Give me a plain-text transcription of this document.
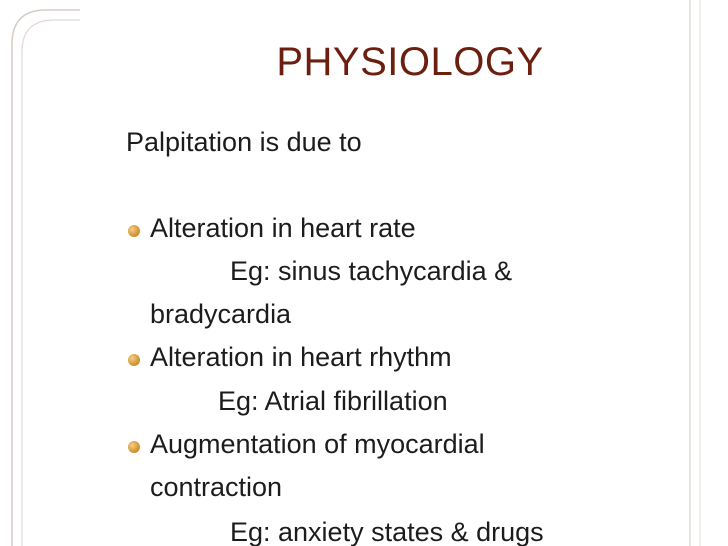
PHYSIOLOGY
Palpitation is due to
Alteration in heart rate
Eg: sinus tachycardia &
bradycardia
Alteration in heart rhythm
Eg: Atrial fibrillation
Augmentation of myocardial
contraction
Eg: anxiety states & drugs
